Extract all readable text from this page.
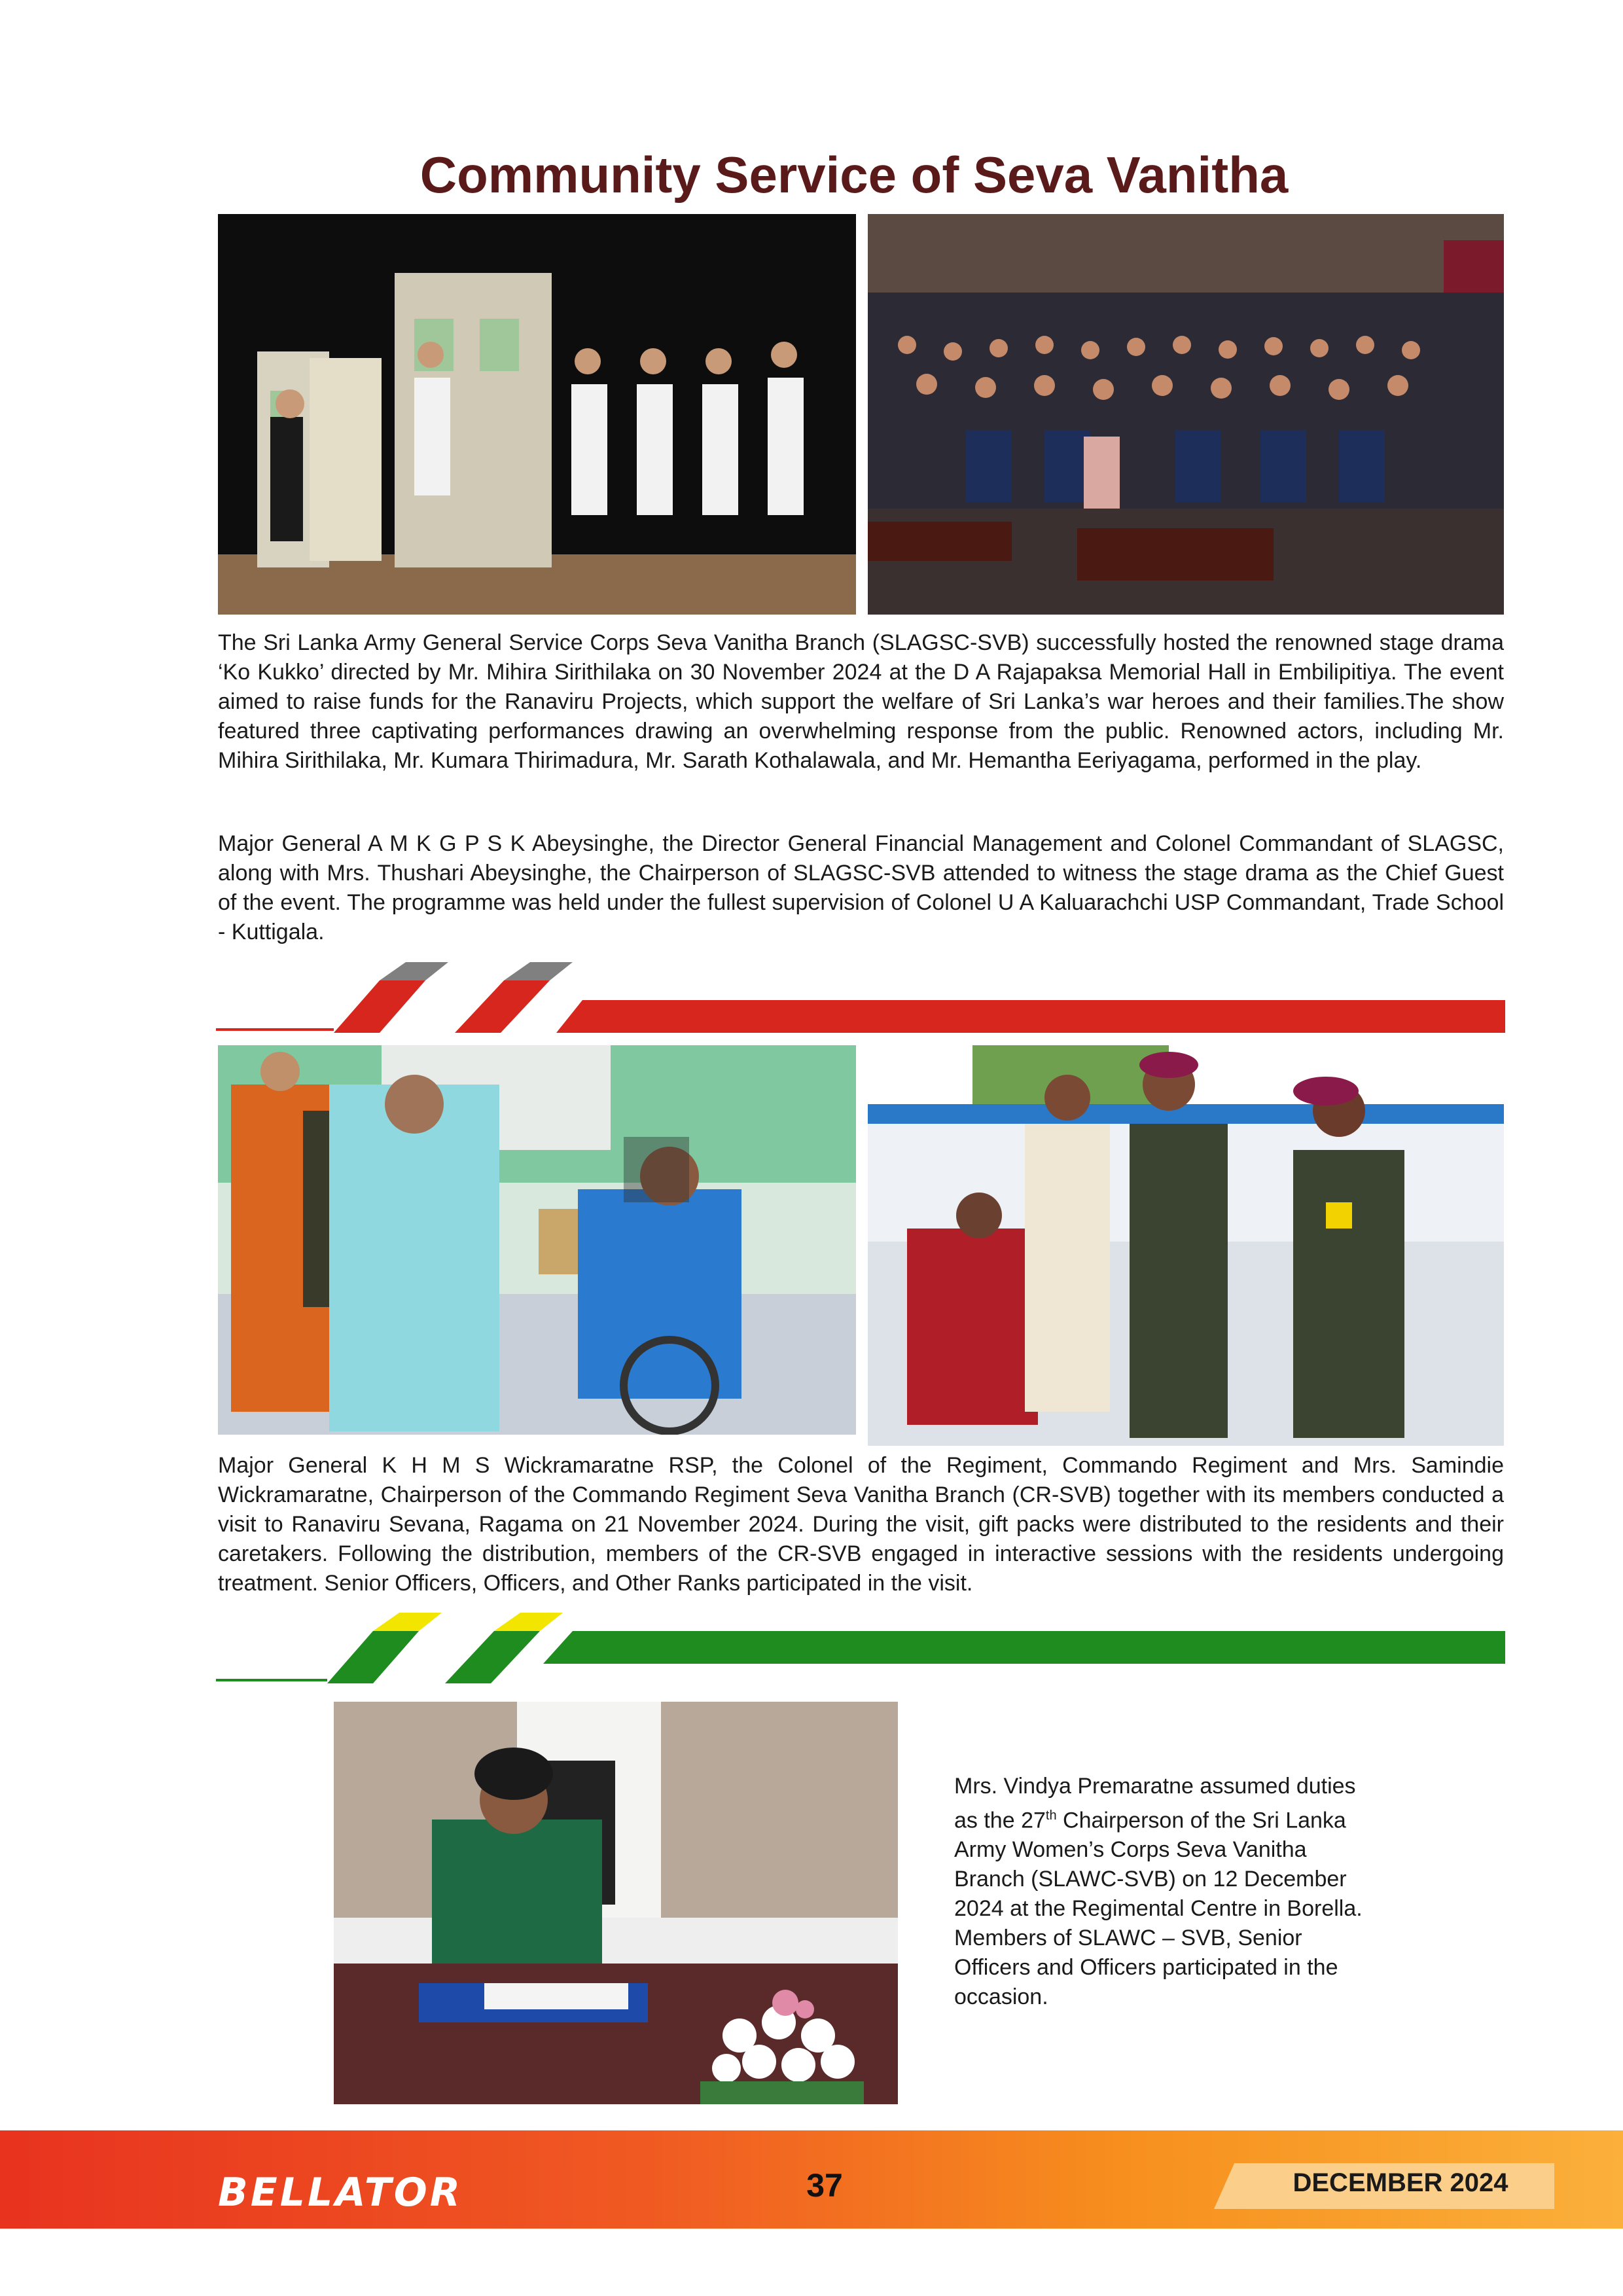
Community Service of Seva Vanitha

The Sri Lanka Army General Service Corps Seva Vanitha Branch (SLAGSC-SVB) successfully hosted the renowned stage drama ‘Ko Kukko’ directed by Mr. Mihira Sirithilaka on 30 November 2024 at the D A Rajapaksa Memorial Hall in Embilipitiya. The event aimed to raise funds for the Ranaviru Projects, which support the welfare of Sri Lanka’s war heroes and their families.The show featured three captivating performances drawing an overwhelming response from the public. Renowned actors, including Mr. Mihira Sirithilaka, Mr. Kumara Thirimadura, Mr. Sarath Kothalawala, and Mr. Hemantha Eeriyagama, performed in the play.

Major General A M K G P S K Abeysinghe, the Director General Financial Management and Colonel Commandant of SLAGSC, along with Mrs. Thushari Abeysinghe, the Chairperson of SLAGSC-SVB attended to witness the stage drama as the Chief Guest of the event. The programme was held under the fullest supervision of Colonel U A Kaluarachchi USP Commandant, Trade School - Kuttigala.

Major General K H M S Wickramaratne RSP, the Colonel of the Regiment, Commando Regiment and Mrs. Samindie Wickramaratne, Chairperson of the Commando Regiment Seva Vanitha Branch (CR-SVB) together with its members conducted a visit to Ranaviru Sevana, Ragama on 21 November 2024. During the visit, gift packs were distributed to the residents and their caretakers. Following the distribution, members of the CR-SVB engaged in interactive sessions with the residents undergoing treatment. Senior Officers, Officers, and Other Ranks participated in the visit.

Mrs. Vindya Premaratne assumed duties as the 27th Chairperson of the Sri Lanka Army Women’s Corps Seva Vanitha Branch (SLAWC-SVB) on 12 December 2024 at the Regimental Centre in Borella. Members of SLAWC – SVB, Senior Officers and Officers participated in the occasion.

BELLATOR	37	DECEMBER 2024
